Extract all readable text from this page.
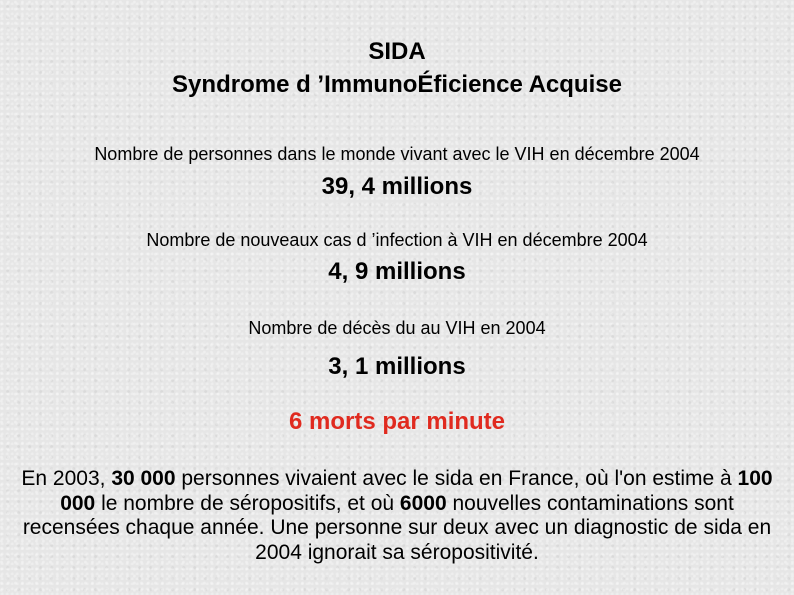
SIDA
Syndrome d ’ImmunoÉficience Acquise
Nombre de personnes dans le monde vivant avec le VIH en décembre 2004
39, 4 millions
Nombre de nouveaux cas d ’infection à VIH en décembre 2004
4, 9 millions
Nombre de décès du au VIH en 2004
3, 1 millions
6 morts par minute
En 2003, 30 000 personnes vivaient avec le sida en France, où l'on estime à 100 000 le nombre de séropositifs, et où 6000 nouvelles contaminations sont recensées chaque année. Une personne sur deux avec un diagnostic de sida en 2004 ignorait sa séropositivité.
